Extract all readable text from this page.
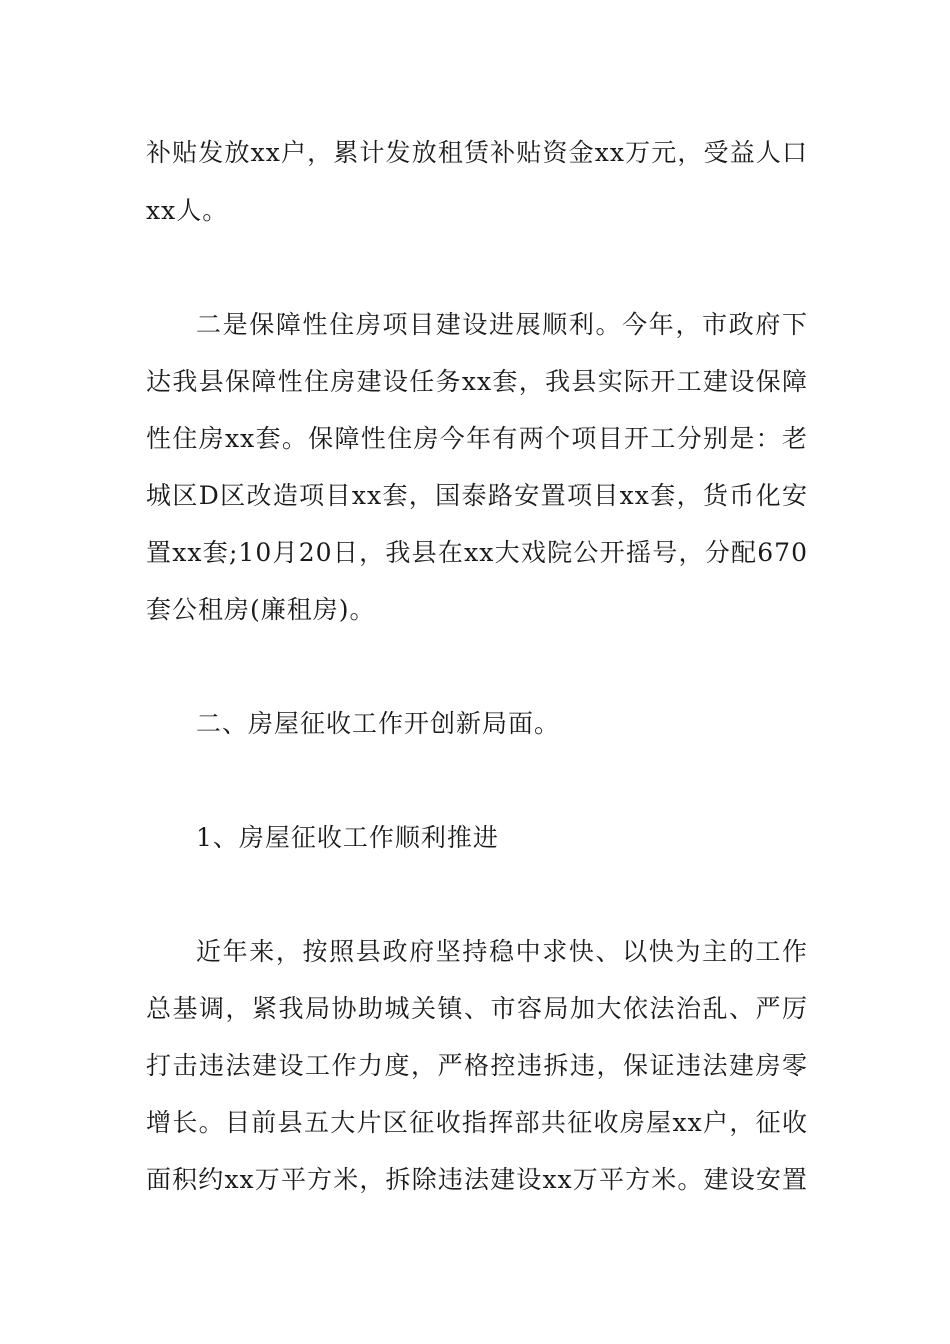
补贴发放xx户，累计发放租赁补贴资金xx万元，受益人口
xx人。
二是保障性住房项目建设进展顺利。今年，市政府下
达我县保障性住房建设任务xx套，我县实际开工建设保障
性住房xx套。保障性住房今年有两个项目开工分别是：老
城区D区改造项目xx套，国泰路安置项目xx套，货币化安
置xx套;10月20日，我县在xx大戏院公开摇号，分配670
套公租房(廉租房)。
二、房屋征收工作开创新局面。
1、房屋征收工作顺利推进
近年来，按照县政府坚持稳中求快、以快为主的工作
总基调，紧我局协助城关镇、市容局加大依法治乱、严厉
打击违法建设工作力度，严格控违拆违，保证违法建房零
增长。目前县五大片区征收指挥部共征收房屋xx户，征收
面积约xx万平方米，拆除违法建设xx万平方米。建设安置
